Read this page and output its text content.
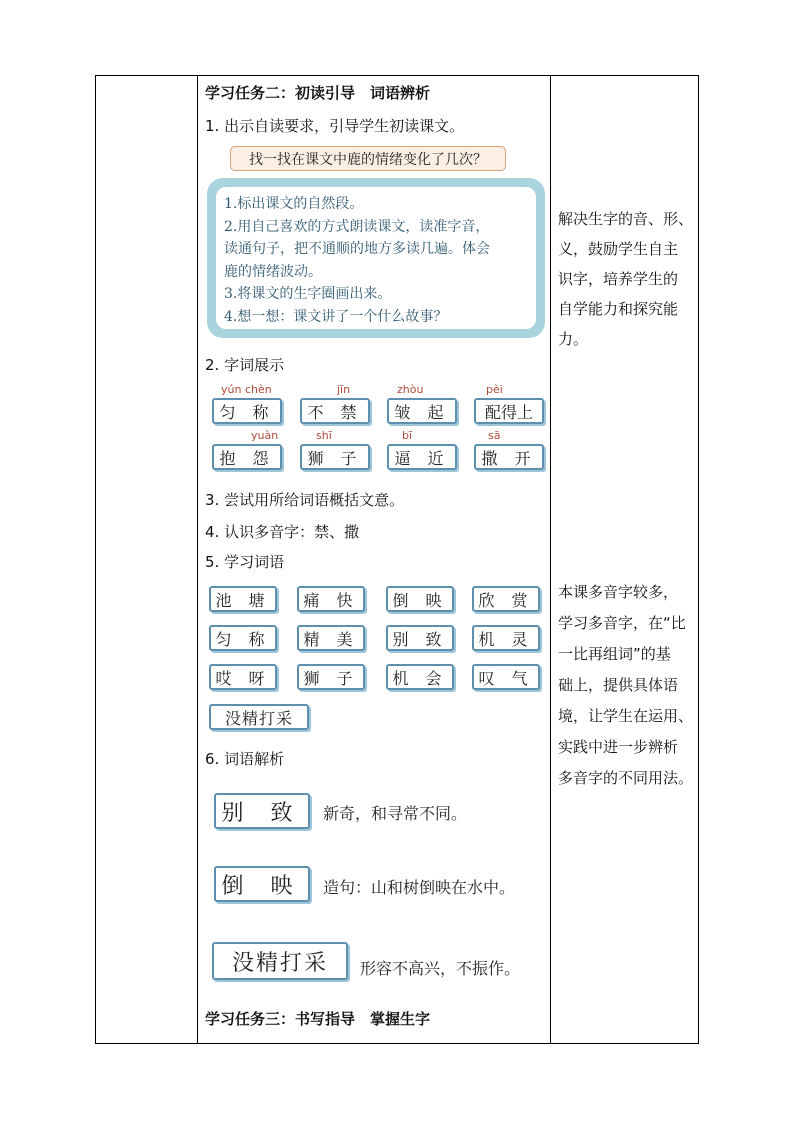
学习任务二：初读引导　词语辨析
1. 出示自读要求，引导学生初读课文。
找一找在课文中鹿的情绪变化了几次？
1.标出课文的自然段。
2.用自己喜欢的方式朗读课文，读准字音，
读通句子，把不通顺的地方多读几遍。体会
鹿的情绪波动。
3.将课文的生字圈画出来。
4.想一想：课文讲了一个什么故事？
2. 字词展示
yún chèn
匀 称
jīn
不 禁
zhòu
皱 起
pèi
配得上
yuàn
抱 怨
shī
狮 子
bī
逼 近
sā
撒 开
3. 尝试用所给词语概括文意。
4. 认识多音字：禁、撒
5. 学习词语
池 塘 痛 快 倒 映 欣 赏
匀 称 精 美 别 致 机 灵
哎 呀 狮 子 机 会 叹 气
没精打采
6. 词语解析
别 致 新奇，和寻常不同。
倒 映 造句：山和树倒映在水中。
没精打采 形容不高兴，不振作。
学习任务三：书写指导　掌握生字
解决生字的音、形、
义，鼓励学生自主
识字，培养学生的
自学能力和探究能
力。
本课多音字较多，
学习多音字，在“比
一比再组词”的基
础上，提供具体语
境，让学生在运用、
实践中进一步辨析
多音字的不同用法。
